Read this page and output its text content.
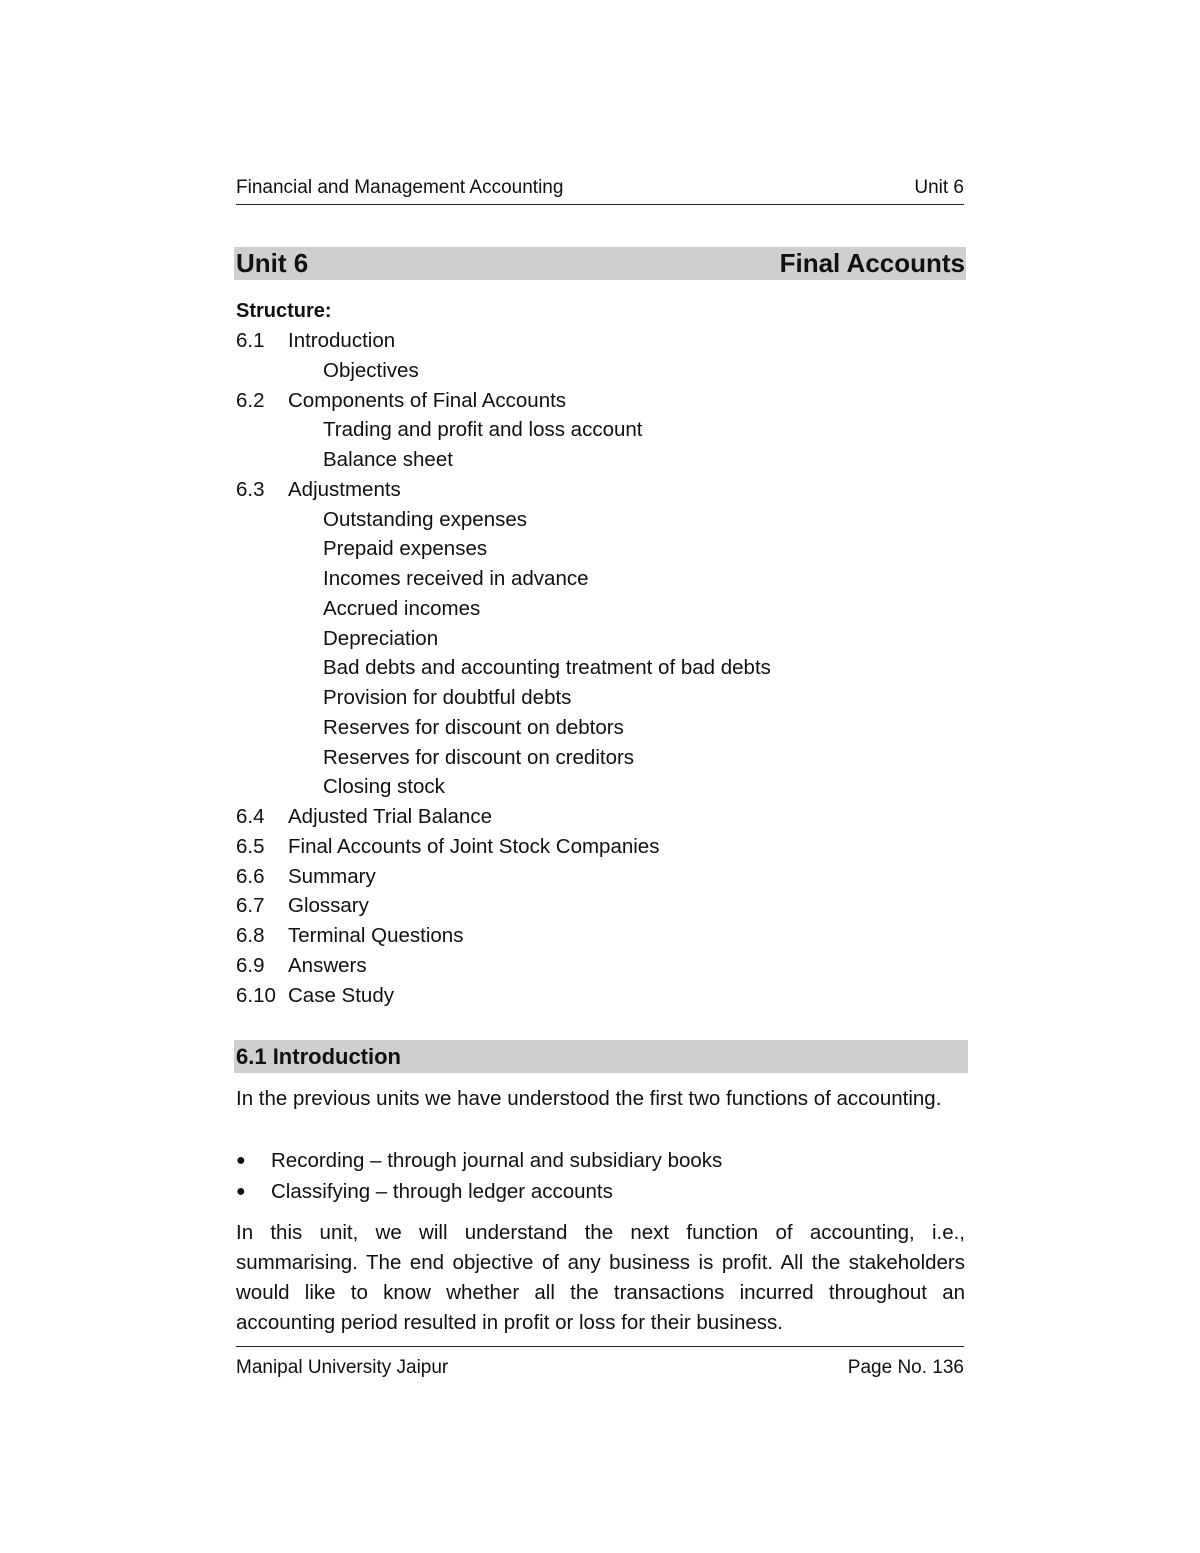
Financial and Management Accounting	Unit 6
Unit 6	Final Accounts
Structure:
6.1 Introduction
Objectives
6.2 Components of Final Accounts
Trading and profit and loss account
Balance sheet
6.3 Adjustments
Outstanding expenses
Prepaid expenses
Incomes received in advance
Accrued incomes
Depreciation
Bad debts and accounting treatment of bad debts
Provision for doubtful debts
Reserves for discount on debtors
Reserves for discount on creditors
Closing stock
6.4 Adjusted Trial Balance
6.5 Final Accounts of Joint Stock Companies
6.6 Summary
6.7 Glossary
6.8 Terminal Questions
6.9 Answers
6.10 Case Study
6.1 Introduction
In the previous units we have understood the first two functions of accounting.
● Recording – through journal and subsidiary books
● Classifying – through ledger accounts
In this unit, we will understand the next function of accounting, i.e., summarising. The end objective of any business is profit. All the stakeholders would like to know whether all the transactions incurred throughout an accounting period resulted in profit or loss for their business.
Manipal University Jaipur	Page No. 136
